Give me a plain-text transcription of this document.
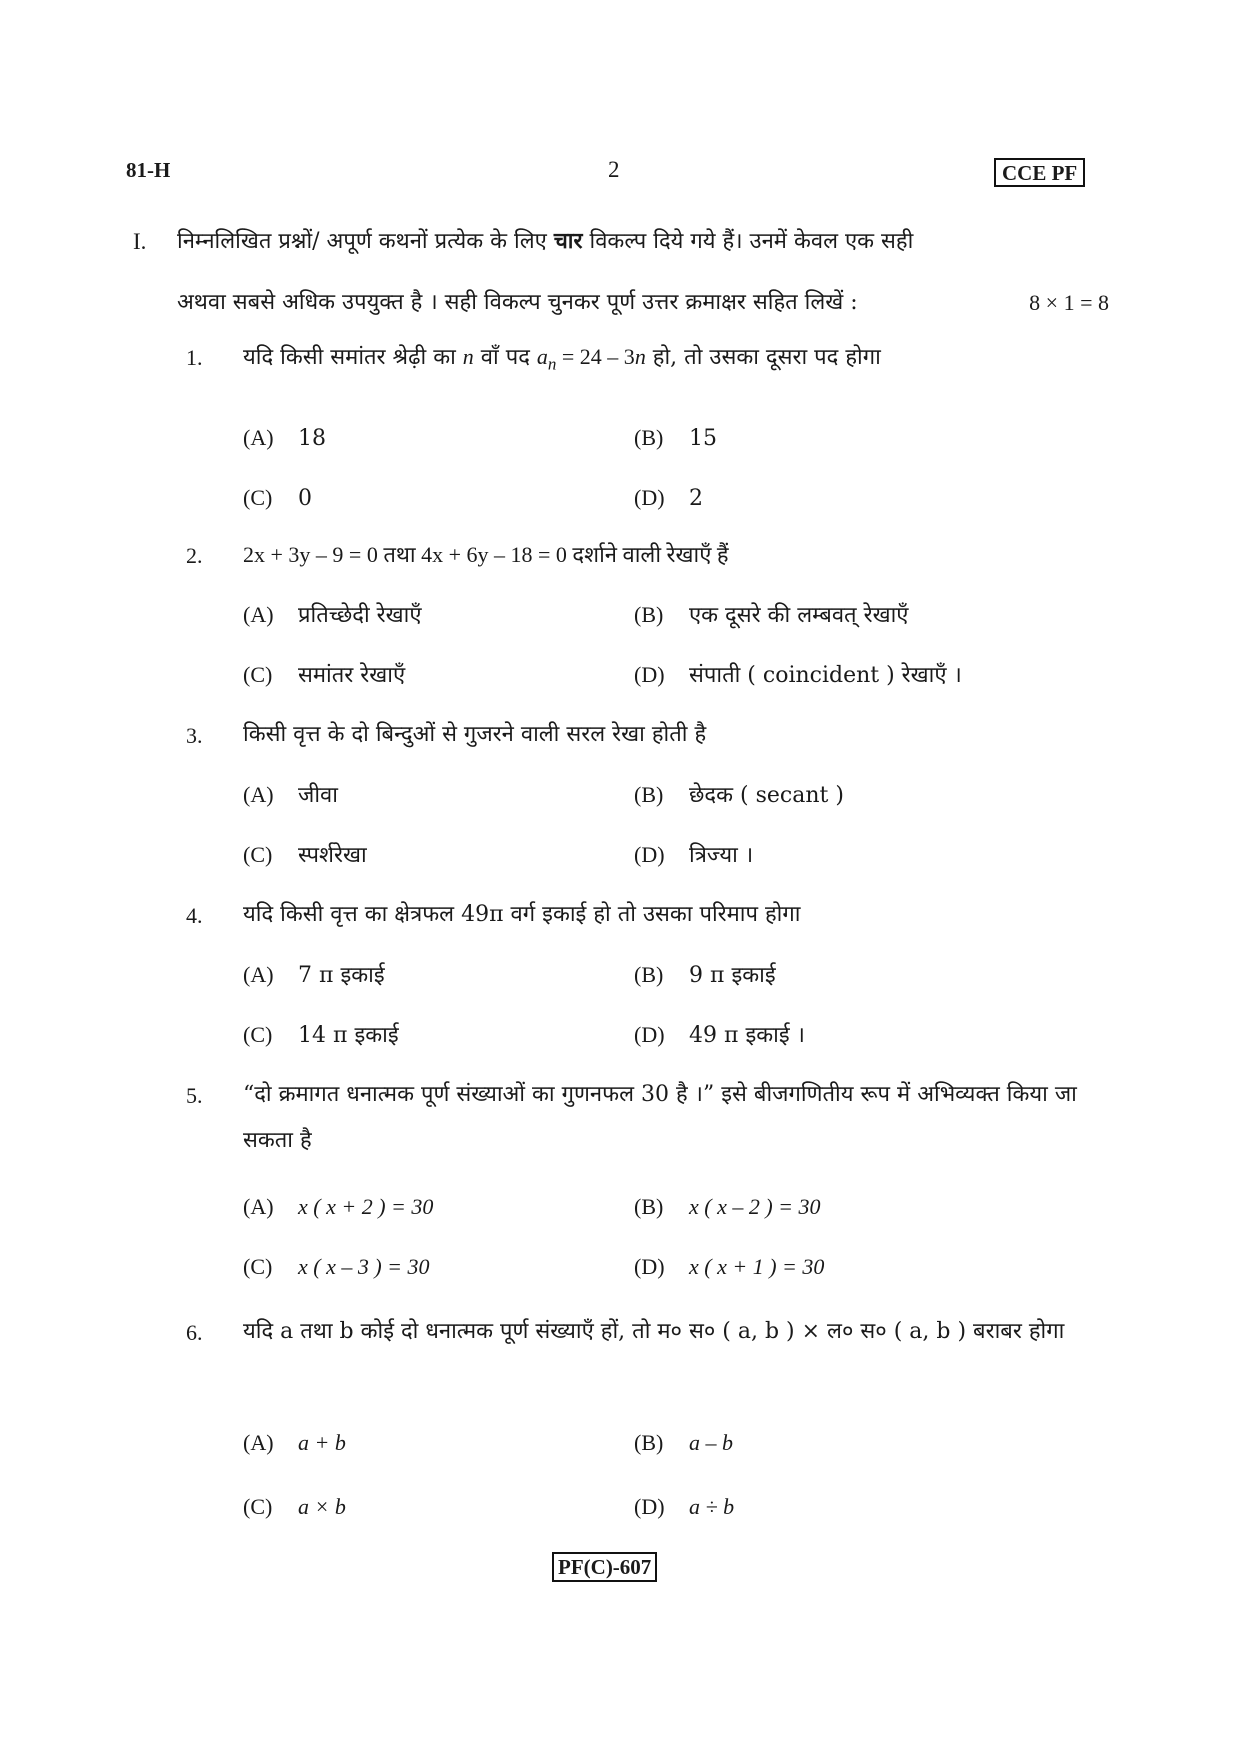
81-H	2	CCE PF
I. निम्नलिखित प्रश्नों/ अपूर्ण कथनों प्रत्येक के लिए चार विकल्प दिये गये हैं। उनमें केवल एक सही
अथवा सबसे अधिक उपयुक्त है । सही विकल्प चुनकर पूर्ण उत्तर क्रमाक्षर सहित लिखें :	8 × 1 = 8
1. यदि किसी समांतर श्रेढ़ी का n वाँ पद $a_n = 24 - 3n$ हो, तो उसका दूसरा पद होगा
(A) 18	(B) 15
(C) 0	(D) 2
2. 2x + 3y – 9 = 0 तथा 4x + 6y – 18 = 0 दर्शाने वाली रेखाएँ हैं
(A) प्रतिच्छेदी रेखाएँ	(B) एक दूसरे की लम्बवत् रेखाएँ
(C) समांतर रेखाएँ	(D) संपाती ( coincident ) रेखाएँ ।
3. किसी वृत्त के दो बिन्दुओं से गुजरने वाली सरल रेखा होती है
(A) जीवा	(B) छेदक ( secant )
(C) स्पर्शरेखा	(D) त्रिज्या ।
4. यदि किसी वृत्त का क्षेत्रफल 49π वर्ग इकाई हो तो उसका परिमाप होगा
(A) 7 π इकाई	(B) 9 π इकाई
(C) 14 π इकाई	(D) 49 π इकाई ।
5. “दो क्रमागत धनात्मक पूर्ण संख्याओं का गुणनफल 30 है ।” इसे बीजगणितीय रूप में अभिव्यक्त किया जा सकता है
(A) x ( x + 2 ) = 30	(B) x ( x – 2 ) = 30
(C) x ( x – 3 ) = 30	(D) x ( x + 1 ) = 30
6. यदि a तथा b कोई दो धनात्मक पूर्ण संख्याएँ हों, तो म० स० ( a, b ) × ल० स० ( a, b ) बराबर होगा
(A) a + b	(B) a – b
(C) a × b	(D) a ÷ b
PF(C)-607
